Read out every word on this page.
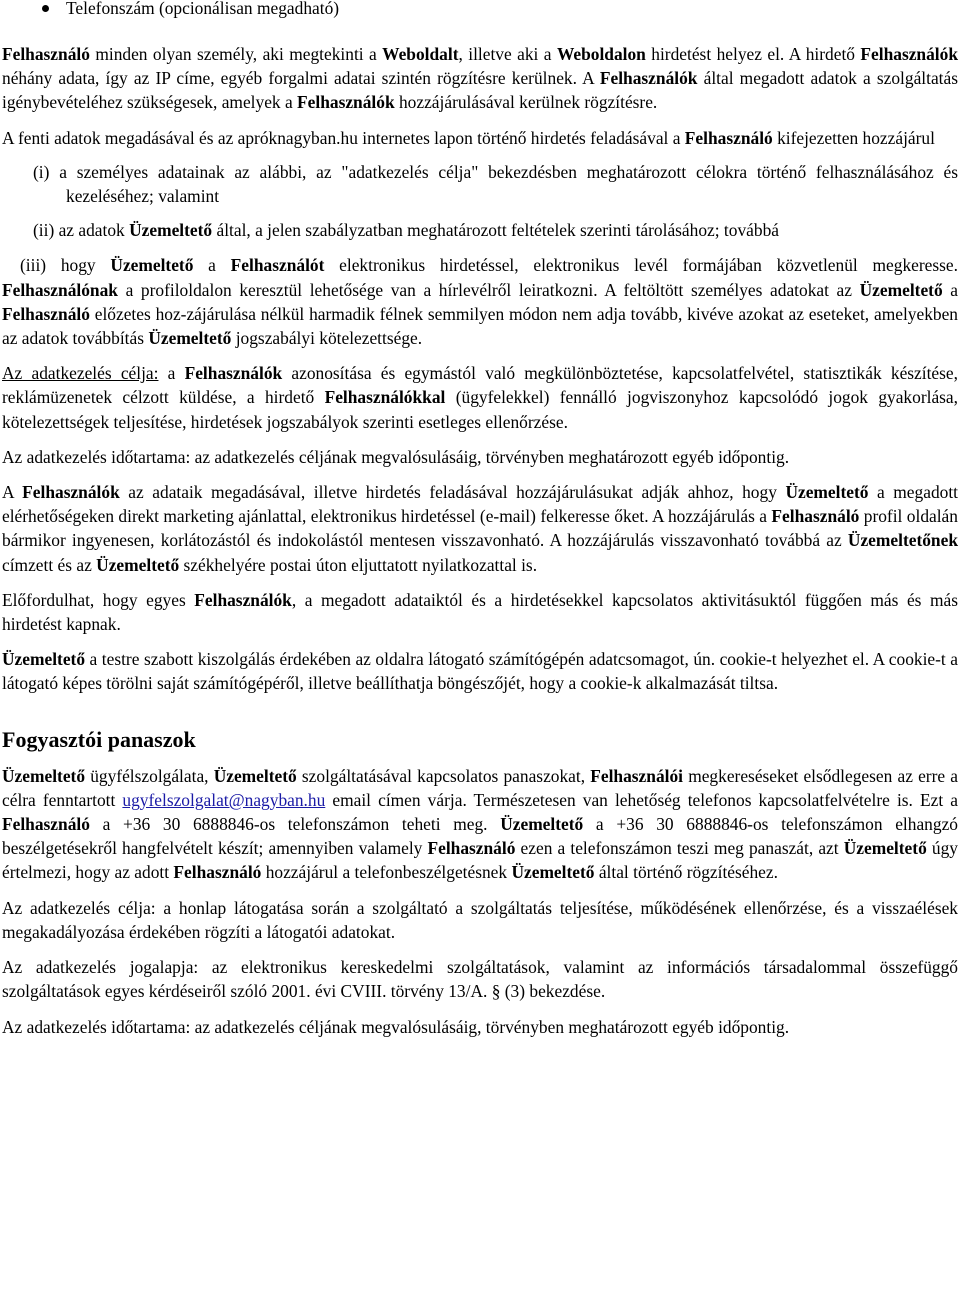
Telefonszám (opcionálisan megadható)

Felhasználó minden olyan személy, aki megtekinti a Weboldalt, illetve aki a Weboldalon hirdetést helyez el. A hirdető Felhasználók néhány adata, így az IP címe, egyéb forgalmi adatai szintén rögzítésre kerülnek. A Felhasználók által megadott adatok a szolgáltatás igénybevételéhez szükségesek, amelyek a Felhasználók hozzájárulásával kerülnek rögzítésre.

A fenti adatok megadásával és az apróknagyban.hu internetes lapon történő hirdetés feladásával a Felhasználó kifejezetten hozzájárul

(i) a személyes adatainak az alábbi, az "adatkezelés célja" bekezdésben meghatározott célokra történő felhasználásához és kezeléséhez; valamint

(ii) az adatok Üzemeltető által, a jelen szabályzatban meghatározott feltételek szerinti tárolásához; továbbá

(iii) hogy Üzemeltető a Felhasználót elektronikus hirdetéssel, elektronikus levél formájában közvetlenül megkeresse. Felhasználónak a profiloldalon keresztül lehetősége van a hírlevélről leiratkozni. A feltöltött személyes adatokat az Üzemeltető a Felhasználó előzetes hoz-zájárulása nélkül harmadik félnek semmilyen módon nem adja tovább, kivéve azokat az eseteket, amelyekben az adatok továbbítás Üzemeltető jogszabályi kötelezettsége.

Az adatkezelés célja: a Felhasználók azonosítása és egymástól való megkülönböztetése, kapcsolatfelvétel, statisztikák készítése, reklámüzenetek célzott küldése, a hirdető Felhasználókkal (ügyfelekkel) fennálló jogviszonyhoz kapcsolódó jogok gyakorlása, kötelezettségek teljesítése, hirdetések jogszabályok szerinti esetleges ellenőrzése.

Az adatkezelés időtartama: az adatkezelés céljának megvalósulásáig, törvényben meghatározott egyéb időpontig.

A Felhasználók az adataik megadásával, illetve hirdetés feladásával hozzájárulásukat adják ahhoz, hogy Üzemeltető a megadott elérhetőségeken direkt marketing ajánlattal, elektronikus hirdetéssel (e-mail) felkeresse őket. A hozzájárulás a Felhasználó profil oldalán bármikor ingyenesen, korlátozástól és indokolástól mentesen visszavonható. A hozzájárulás visszavonható továbbá az Üzemeltetőnek címzett és az Üzemeltető székhelyére postai úton eljuttatott nyilatkozattal is.

Előfordulhat, hogy egyes Felhasználók, a megadott adataiktól és a hirdetésekkel kapcsolatos aktivitásuktól függően más és más hirdetést kapnak.

Üzemeltető a testre szabott kiszolgálás érdekében az oldalra látogató számítógépén adatcsomagot, ún. cookie-t helyezhet el. A cookie-t a látogató képes törölni saját számítógépéről, illetve beállíthatja böngészőjét, hogy a cookie-k alkalmazását tiltsa.

Fogyasztói panaszok

Üzemeltető ügyfélszolgálata, Üzemeltető szolgáltatásával kapcsolatos panaszokat, Felhasználói megkereséseket elsődlegesen az erre a célra fenntartott ugyfelszolgalat@nagyban.hu email címen várja. Természetesen van lehetőség telefonos kapcsolatfelvételre is. Ezt a Felhasználó a +36 30 6888846-os telefonszámon teheti meg. Üzemeltető a +36 30 6888846-os telefonszámon elhangzó beszélgetésekről hangfelvételt készít; amennyiben valamely Felhasználó ezen a telefonszámon teszi meg panaszát, azt Üzemeltető úgy értelmezi, hogy az adott Felhasználó hozzájárul a telefonbeszélgetésnek Üzemeltető által történő rögzítéséhez.

Az adatkezelés célja: a honlap látogatása során a szolgáltató a szolgáltatás teljesítése, működésének ellenőrzése, és a visszaélések megakadályozása érdekében rögzíti a látogatói adatokat.

Az adatkezelés jogalapja: az elektronikus kereskedelmi szolgáltatások, valamint az információs társadalommal összefüggő szolgáltatások egyes kérdéseiről szóló 2001. évi CVIII. törvény 13/A. § (3) bekezdése.

Az adatkezelés időtartama: az adatkezelés céljának megvalósulásáig, törvényben meghatározott egyéb időpontig.
